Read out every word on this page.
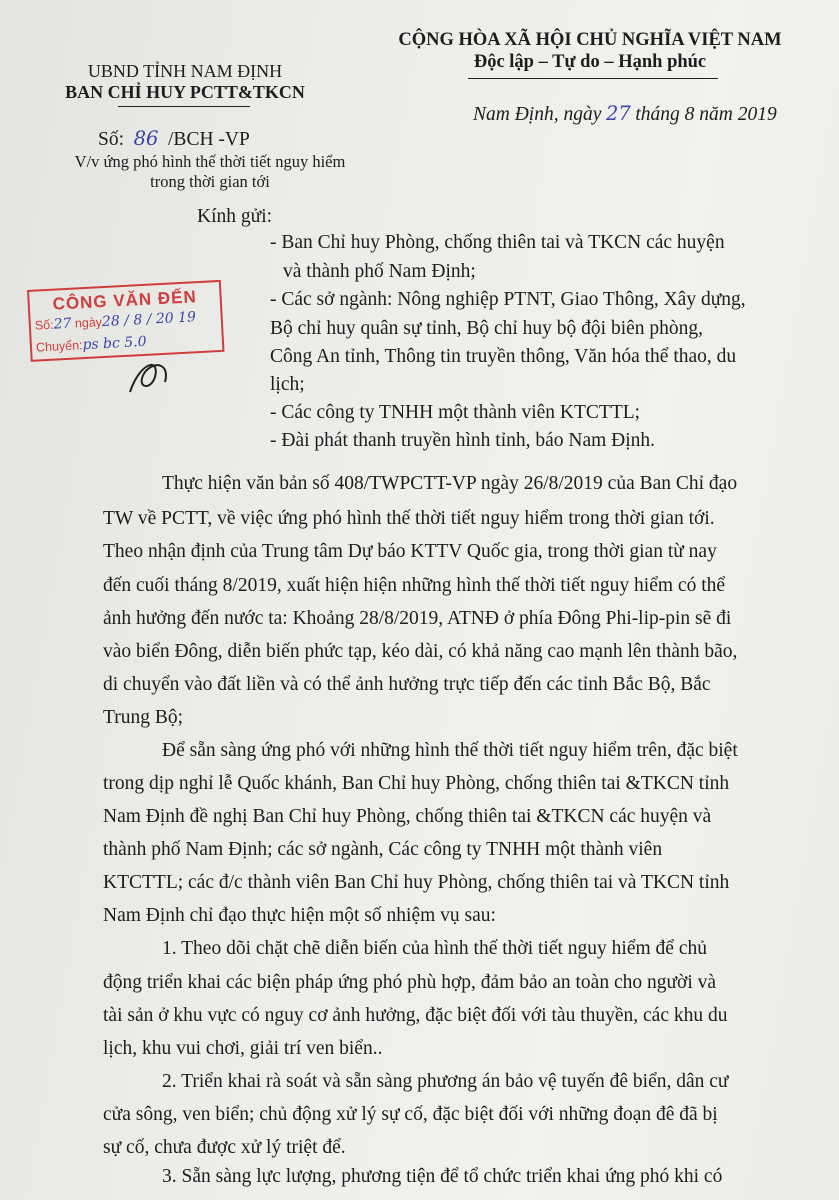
UBND TỈNH NAM ĐỊNH
BAN CHỈ HUY PCTT&TKCN
Số: 86 /BCH -VP
V/v ứng phó hình thế thời tiết nguy hiểm
trong thời gian tới
CỘNG HÒA XÃ HỘI CHỦ NGHĨA VIỆT NAM
Độc lập – Tự do – Hạnh phúc
Nam Định, ngày 27 tháng 8 năm 2019
Kính gửi:
- Ban Chỉ huy Phòng, chống thiên tai và TKCN các huyện
và thành phố Nam Định;
- Các sở ngành: Nông nghiệp PTNT, Giao Thông, Xây dựng,
Bộ chỉ huy quân sự tỉnh, Bộ chỉ huy bộ đội biên phòng,
Công An tỉnh, Thông tin truyền thông, Văn hóa thể thao, du
lịch;
- Các công ty TNHH một thành viên KTCTTL;
- Đài phát thanh truyền hình tỉnh, báo Nam Định.
CÔNG VĂN ĐẾN
Số:27 ngày28 / 8 / 20 19
Chuyển:ps bc 5.0
Thực hiện văn bản số 408/TWPCTT-VP ngày 26/8/2019 của Ban Chỉ đạo
TW về PCTT, về việc ứng phó hình thế thời tiết nguy hiểm trong thời gian tới.
Theo nhận định của Trung tâm Dự báo KTTV Quốc gia, trong thời gian từ nay
đến cuối tháng 8/2019, xuất hiện hiện những hình thế thời tiết nguy hiểm có thể
ảnh hưởng đến nước ta: Khoảng 28/8/2019, ATNĐ ở phía Đông Phi-lip-pin sẽ đi
vào biển Đông, diễn biến phức tạp, kéo dài, có khả năng cao mạnh lên thành bão,
di chuyển vào đất liền và có thể ảnh hưởng trực tiếp đến các tỉnh Bắc Bộ, Bắc
Trung Bộ;
Để sẵn sàng ứng phó với những hình thế thời tiết nguy hiểm trên, đặc biệt
trong dịp nghỉ lễ Quốc khánh, Ban Chỉ huy Phòng, chống thiên tai &TKCN tỉnh
Nam Định đề nghị Ban Chỉ huy Phòng, chống thiên tai &TKCN các huyện và
thành phố Nam Định; các sở ngành, Các công ty TNHH một thành viên
KTCTTL; các đ/c thành viên Ban Chỉ huy Phòng, chống thiên tai và TKCN tỉnh
Nam Định chỉ đạo thực hiện một số nhiệm vụ sau:
1. Theo dõi chặt chẽ diễn biến của hình thế thời tiết nguy hiểm để chủ
động triển khai các biện pháp ứng phó phù hợp, đảm bảo an toàn cho người và
tài sản ở khu vực có nguy cơ ảnh hưởng, đặc biệt đối với tàu thuyền, các khu du
lịch, khu vui chơi, giải trí ven biển..
2. Triển khai rà soát và sẵn sàng phương án bảo vệ tuyến đê biển, dân cư
cửa sông, ven biển; chủ động xử lý sự cố, đặc biệt đối với những đoạn đê đã bị
sự cố, chưa được xử lý triệt để.
3. Sẵn sàng lực lượng, phương tiện để tổ chức triển khai ứng phó khi có
